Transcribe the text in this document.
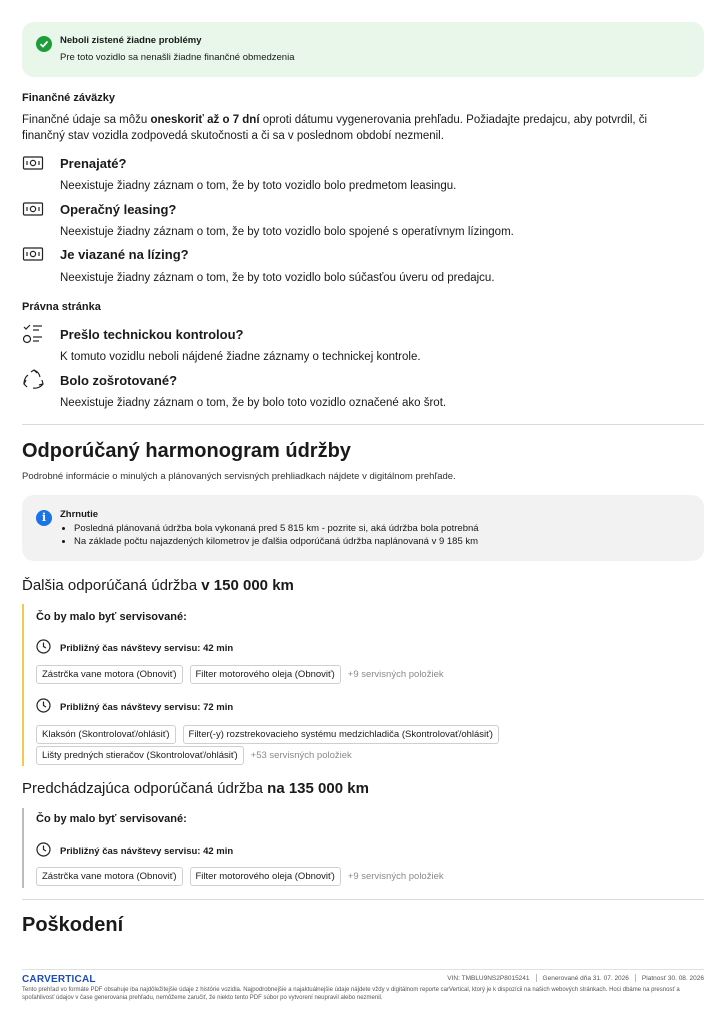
Neboli zistené žiadne problémy
Pre toto vozidlo sa nenašli žiadne finančné obmedzenia
Finančné záväzky
Finančné údaje sa môžu oneskoriť až o 7 dní oproti dátumu vygenerovania prehľadu. Požiadajte predajcu, aby potvrdil, či
finančný stav vozidla zodpovedá skutočnosti a či sa v poslednom období nezmenil.
Prenajaté?
Neexistuje žiadny záznam o tom, že by toto vozidlo bolo predmetom leasingu.
Operačný leasing?
Neexistuje žiadny záznam o tom, že by toto vozidlo bolo spojené s operatívnym lízingom.
Je viazané na lízing?
Neexistuje žiadny záznam o tom, že by toto vozidlo bolo súčasťou úveru od predajcu.
Právna stránka
Prešlo technickou kontrolou?
K tomuto vozidlu neboli nájdené žiadne záznamy o technickej kontrole.
Bolo zošrotované?
Neexistuje žiadny záznam o tom, že by bolo toto vozidlo označené ako šrot.
Odporúčaný harmonogram údržby
Podrobné informácie o minulých a plánovaných servisných prehliadkach nájdete v digitálnom prehľade.
i	Zhrnutie
• Posledná plánovaná údržba bola vykonaná pred 5 815 km - pozrite si, aká údržba bola potrebná
• Na základe počtu najazdených kilometrov je ďalšia odporúčaná údržba naplánovaná v 9 185 km
Ďalšia odporúčaná údržba v 150 000 km
Čo by malo byť servisované:
Približný čas návštevy servisu: 42 min
Zástrčka vane motora (Obnoviť)	Filter motorového oleja (Obnoviť)	+9 servisných položiek
Približný čas návštevy servisu: 72 min
Klaksón (Skontrolovať/ohlásiť)	Filter(-y) rozstrekovacieho systému medzichladiča (Skontrolovať/ohlásiť)
Lišty predných stieračov (Skontrolovať/ohlásiť)	+53 servisných položiek
Predchádzajúca odporúčaná údržba na 135 000 km
Čo by malo byť servisované:
Približný čas návštevy servisu: 42 min
Zástrčka vane motora (Obnoviť)	Filter motorového oleja (Obnoviť)	+9 servisných položiek
Poškodení
CARVERTICAL	VIN: TMBLU9NS2P8015241 Generované dňa 31. 07. 2026 Platnosť 30. 08. 2026
Tento prehľad vo formáte PDF obsahuje iba najdôležitejšie údaje z histórie vozidla. Najpodrobnejšie a najaktuálnejšie údaje nájdete vždy v digitálnom reporte carVertical, ktorý je k dispozícii na našich webových stránkach. Hoci dbáme na presnosť a spoľahlivosť údajov v čase generovania prehľadu, nemôžeme zaručiť, že niekto tento PDF súbor po vytvorení neupravil alebo nezmenil.
